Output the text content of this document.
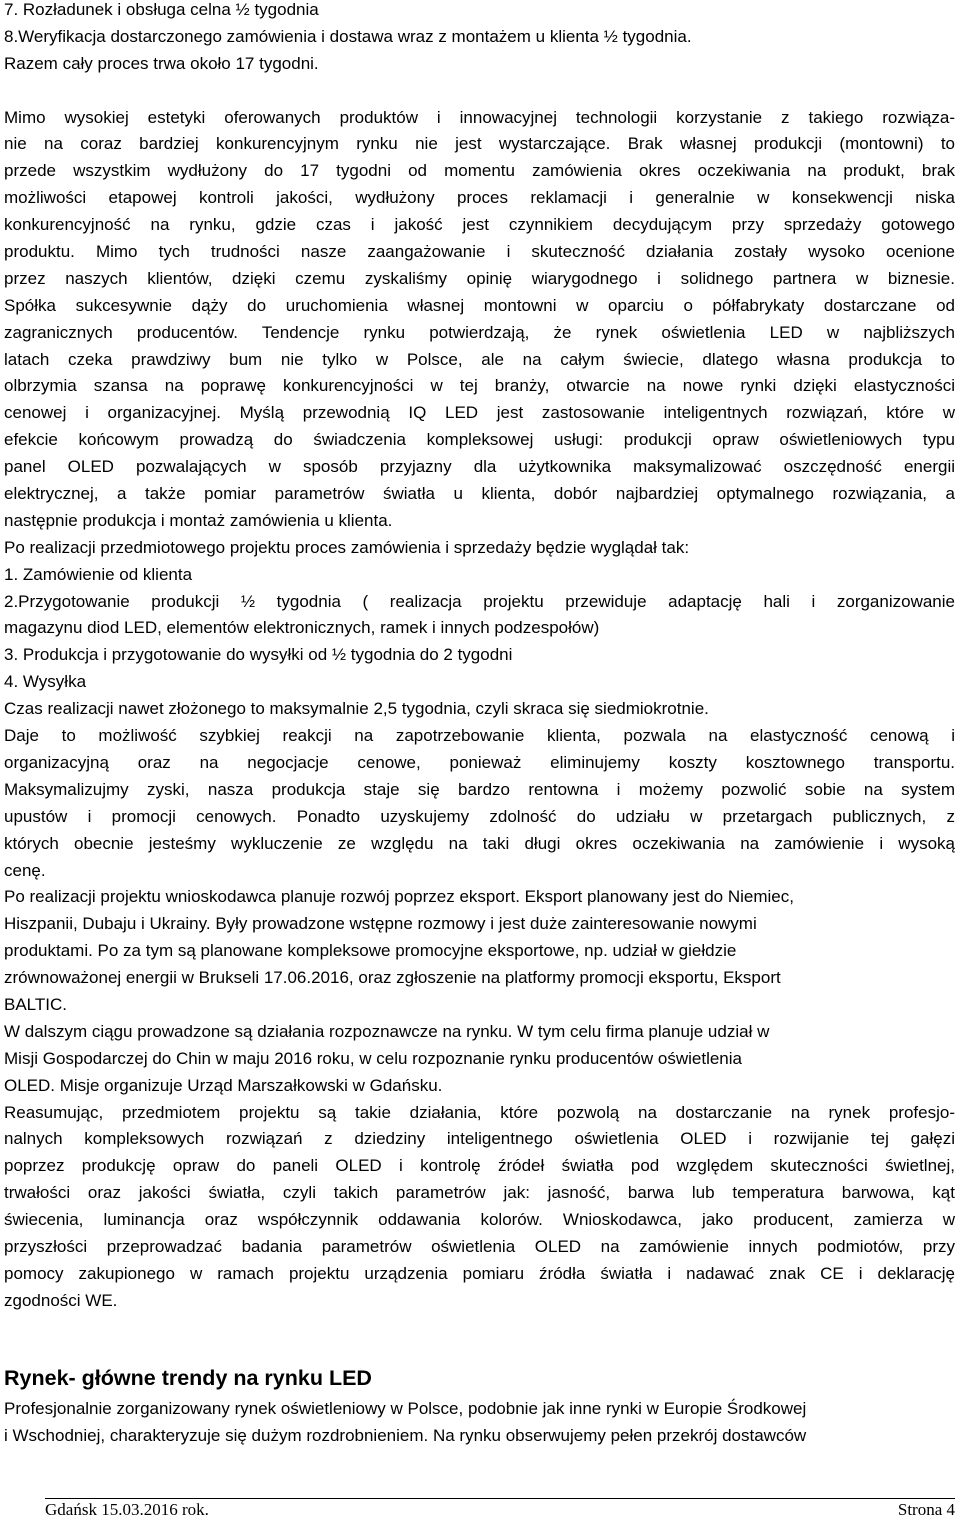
7. Rozładunek i obsługa celna ½ tygodnia
8.Weryfikacja dostarczonego zamówienia i dostawa wraz z montażem u klienta ½ tygodnia.
Razem cały proces trwa około 17 tygodni.
Mimo wysokiej estetyki oferowanych produktów i innowacyjnej technologii korzystanie z takiego rozwiąza-
nie na coraz bardziej konkurencyjnym rynku nie jest wystarczające. Brak własnej produkcji (montowni) to
przede wszystkim wydłużony do 17 tygodni od momentu zamówienia okres oczekiwania na produkt, brak
możliwości etapowej kontroli jakości, wydłużony proces reklamacji i generalnie w konsekwencji niska
konkurencyjność na rynku, gdzie czas i jakość jest czynnikiem decydującym przy sprzedaży gotowego
produktu. Mimo tych trudności nasze zaangażowanie i skuteczność działania zostały wysoko ocenione
przez naszych klientów, dzięki czemu zyskaliśmy opinię wiarygodnego i solidnego partnera w biznesie.
Spółka sukcesywnie dąży do uruchomienia własnej montowni w oparciu o półfabrykaty dostarczane od
zagranicznych producentów. Tendencje rynku potwierdzają, że rynek oświetlenia LED w najbliższych
latach czeka prawdziwy bum nie tylko w Polsce, ale na całym świecie, dlatego własna produkcja to
olbrzymia szansa na poprawę konkurencyjności w tej branży, otwarcie na nowe rynki dzięki elastyczności
cenowej i organizacyjnej. Myślą przewodnią IQ LED jest zastosowanie inteligentnych rozwiązań, które w
efekcie końcowym prowadzą do świadczenia kompleksowej usługi: produkcji opraw oświetleniowych typu
panel OLED pozwalających w sposób przyjazny dla użytkownika maksymalizować oszczędność energii
elektrycznej, a także pomiar parametrów światła u klienta, dobór najbardziej optymalnego rozwiązania, a
następnie produkcja i montaż zamówienia u klienta.
Po realizacji przedmiotowego projektu proces zamówienia i sprzedaży będzie wyglądał tak:
1. Zamówienie od klienta
2.Przygotowanie produkcji ½ tygodnia ( realizacja projektu przewiduje adaptację hali i zorganizowanie
magazynu diod LED, elementów elektronicznych, ramek i innych podzespołów)
3. Produkcja i przygotowanie do wysyłki od ½ tygodnia do 2 tygodni
4. Wysyłka
Czas realizacji nawet złożonego to maksymalnie 2,5 tygodnia, czyli skraca się siedmiokrotnie.
Daje to możliwość szybkiej reakcji na zapotrzebowanie klienta, pozwala na elastyczność cenową i
organizacyjną oraz na negocjacje cenowe, ponieważ eliminujemy koszty kosztownego transportu.
Maksymalizujmy zyski, nasza produkcja staje się bardzo rentowna i możemy pozwolić sobie na system
upustów i promocji cenowych. Ponadto uzyskujemy zdolność do udziału w przetargach publicznych, z
których obecnie jesteśmy wykluczenie ze względu na taki długi okres oczekiwania na zamówienie i wysoką
cenę.
Po realizacji projektu wnioskodawca planuje rozwój poprzez eksport. Eksport planowany jest do Niemiec,
Hiszpanii, Dubaju i Ukrainy. Były prowadzone wstępne rozmowy i jest duże zainteresowanie nowymi
produktami. Po za tym są planowane kompleksowe promocyjne eksportowe, np. udział w giełdzie
zrównoważonej energii w Brukseli 17.06.2016, oraz zgłoszenie na platformy promocji eksportu, Eksport
BALTIC.
W dalszym ciągu prowadzone są działania rozpoznawcze na rynku. W tym celu firma planuje udział w
Misji Gospodarczej do Chin w maju 2016 roku, w celu rozpoznanie rynku producentów oświetlenia
OLED. Misje organizuje Urząd Marszałkowski w Gdańsku.
Reasumując, przedmiotem projektu są takie działania, które pozwolą na dostarczanie na rynek profesjo-
nalnych kompleksowych rozwiązań z dziedziny inteligentnego oświetlenia OLED i rozwijanie tej gałęzi
poprzez produkcję opraw do paneli OLED i kontrolę źródeł światła pod względem skuteczności świetlnej,
trwałości oraz jakości światła, czyli takich parametrów jak: jasność, barwa lub temperatura barwowa, kąt
świecenia, luminancja oraz współczynnik oddawania kolorów. Wnioskodawca, jako producent, zamierza w
przyszłości przeprowadzać badania parametrów oświetlenia OLED na zamówienie innych podmiotów, przy
pomocy zakupionego w ramach projektu urządzenia pomiaru źródła światła i nadawać znak CE i deklarację
zgodności WE.
Rynek- główne trendy na rynku LED
Profesjonalnie zorganizowany rynek oświetleniowy w Polsce, podobnie jak inne rynki w Europie Środkowej
i Wschodniej, charakteryzuje się dużym rozdrobnieniem. Na rynku obserwujemy pełen przekrój dostawców
Gdańsk 15.03.2016 rok.	Strona 4
